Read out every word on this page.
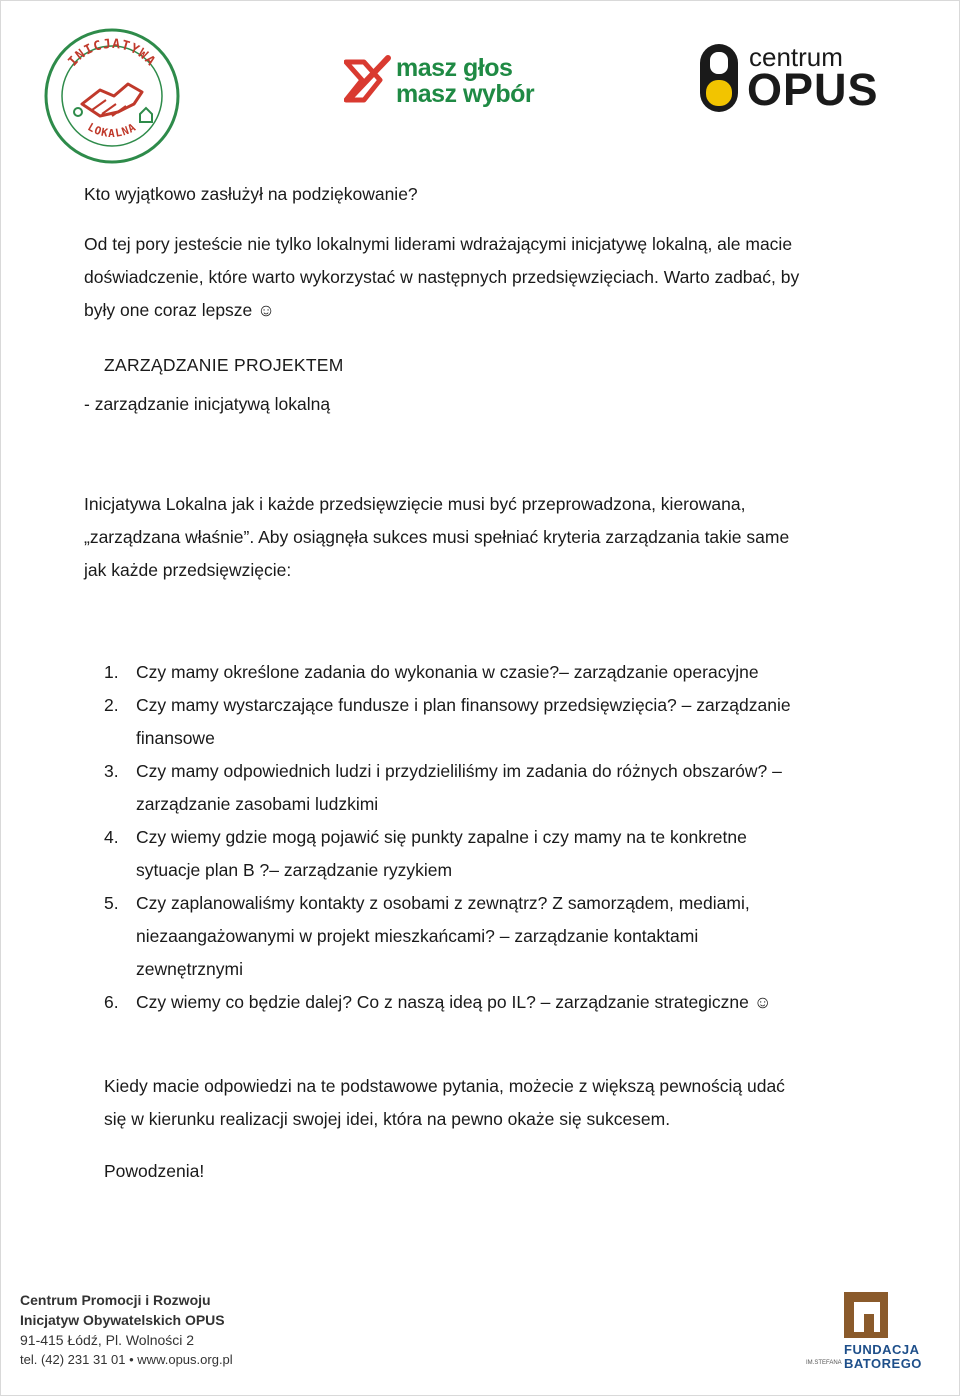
INICJATYWA
LOKALNA
masz głos
masz wybór
centrum
OPUS
Kto wyjątkowo zasłużył na podziękowanie?
Od tej pory jesteście nie tylko lokalnymi liderami wdrażającymi inicjatywę lokalną, ale macie
doświadczenie, które warto wykorzystać w następnych przedsięwzięciach. Warto zadbać, by
były one coraz lepsze ☺
ZARZĄDZANIE PROJEKTEM
- zarządzanie inicjatywą lokalną
Inicjatywa Lokalna jak i każde przedsięwzięcie musi być przeprowadzona, kierowana,
„zarządzana właśnie”. Aby osiągnęła sukces musi spełniać kryteria zarządzania takie same
jak każde przedsięwzięcie:
1. Czy mamy określone zadania do wykonania w czasie?– zarządzanie operacyjne
2. Czy mamy wystarczające fundusze i plan finansowy przedsięwzięcia? – zarządzanie
finansowe
3. Czy mamy odpowiednich ludzi i przydzieliliśmy im zadania do różnych obszarów? –
zarządzanie zasobami ludzkimi
4. Czy wiemy gdzie mogą pojawić się punkty zapalne i czy mamy na te konkretne
sytuacje plan B ?– zarządzanie ryzykiem
5. Czy zaplanowaliśmy kontakty z osobami z zewnątrz? Z samorządem, mediami,
niezaangażowanymi w projekt mieszkańcami? – zarządzanie kontaktami
zewnętrznymi
6. Czy wiemy co będzie dalej? Co z naszą ideą po IL? – zarządzanie strategiczne ☺
Kiedy macie odpowiedzi na te podstawowe pytania, możecie z większą pewnością udać
się w kierunku realizacji swojej idei, która na pewno okaże się sukcesem.
Powodzenia!
Centrum Promocji i Rozwoju
Inicjatyw Obywatelskich OPUS
91-415 Łódź, Pl. Wolności 2
tel. (42) 231 31 01 • www.opus.org.pl
FUNDACJA
BATOREGO
IM.STEFANA
